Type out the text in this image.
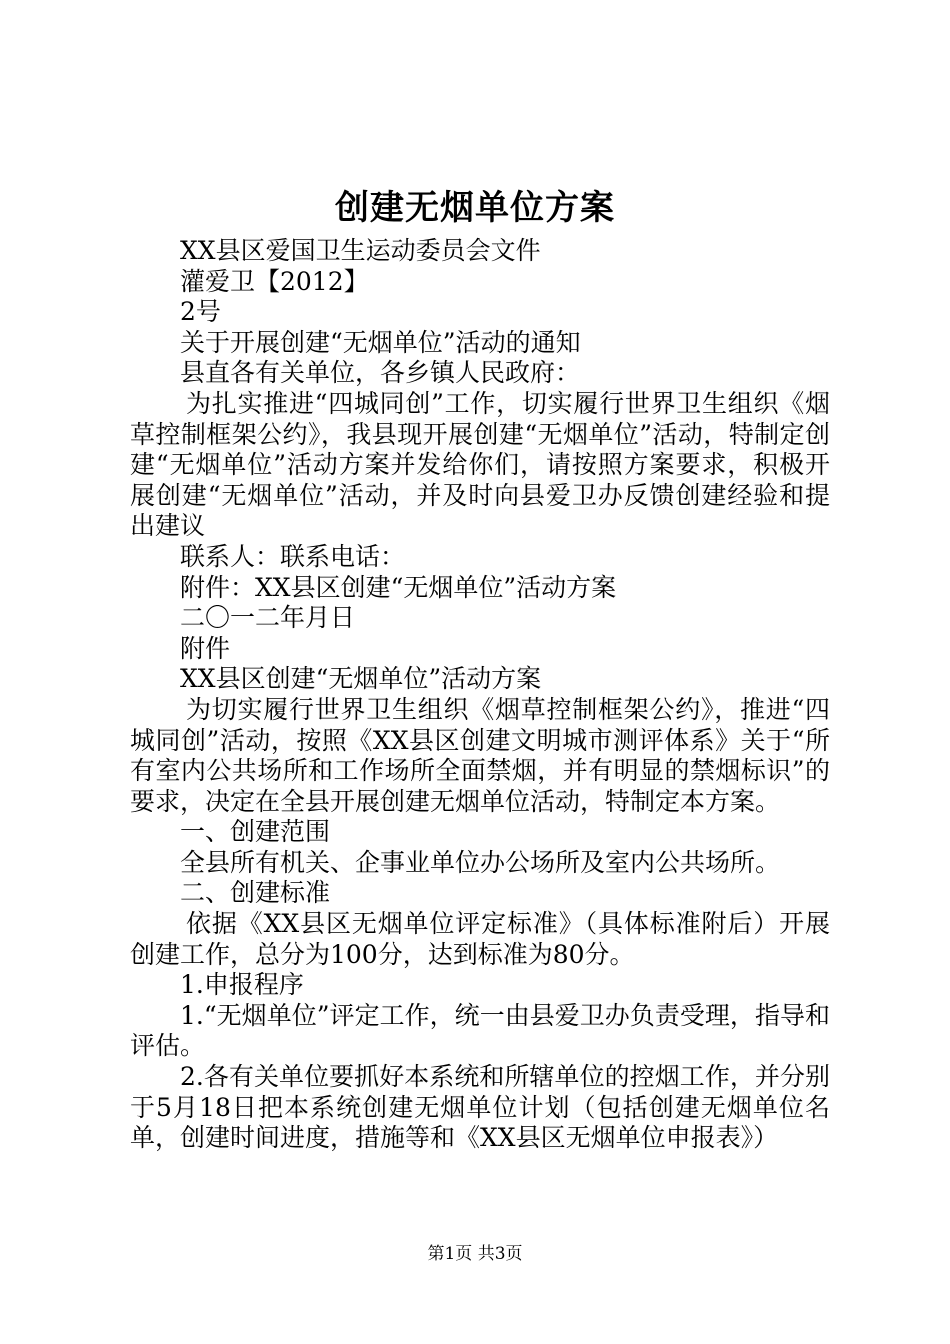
创建无烟单位方案

XX县区爱国卫生运动委员会文件

灌爱卫【2012】

2号

关于开展创建“无烟单位”活动的通知

县直各有关单位，各乡镇人民政府：

为扎实推进“四城同创”工作，切实履行世界卫生组织《烟草控制框架公约》，我县现开展创建“无烟单位”活动，特制定创建“无烟单位”活动方案并发给你们，请按照方案要求，积极开展创建“无烟单位”活动，并及时向县爱卫办反馈创建经验和提出建议

联系人：联系电话：

附件：XX县区创建“无烟单位”活动方案

二〇一二年月日

附件

XX县区创建“无烟单位”活动方案

为切实履行世界卫生组织《烟草控制框架公约》，推进“四城同创”活动，按照《XX县区创建文明城市测评体系》关于“所有室内公共场所和工作场所全面禁烟，并有明显的禁烟标识”的要求，决定在全县开展创建无烟单位活动，特制定本方案。

一、创建范围

全县所有机关、企事业单位办公场所及室内公共场所。

二、创建标准

依据《XX县区无烟单位评定标准》（具体标准附后）开展创建工作，总分为100分，达到标准为80分。

1.申报程序

1.“无烟单位”评定工作，统一由县爱卫办负责受理，指导和评估。

2.各有关单位要抓好本系统和所辖单位的控烟工作，并分别于5月18日把本系统创建无烟单位计划（包括创建无烟单位名单，创建时间进度，措施等和《XX县区无烟单位申报表》）

第1页 共3页
